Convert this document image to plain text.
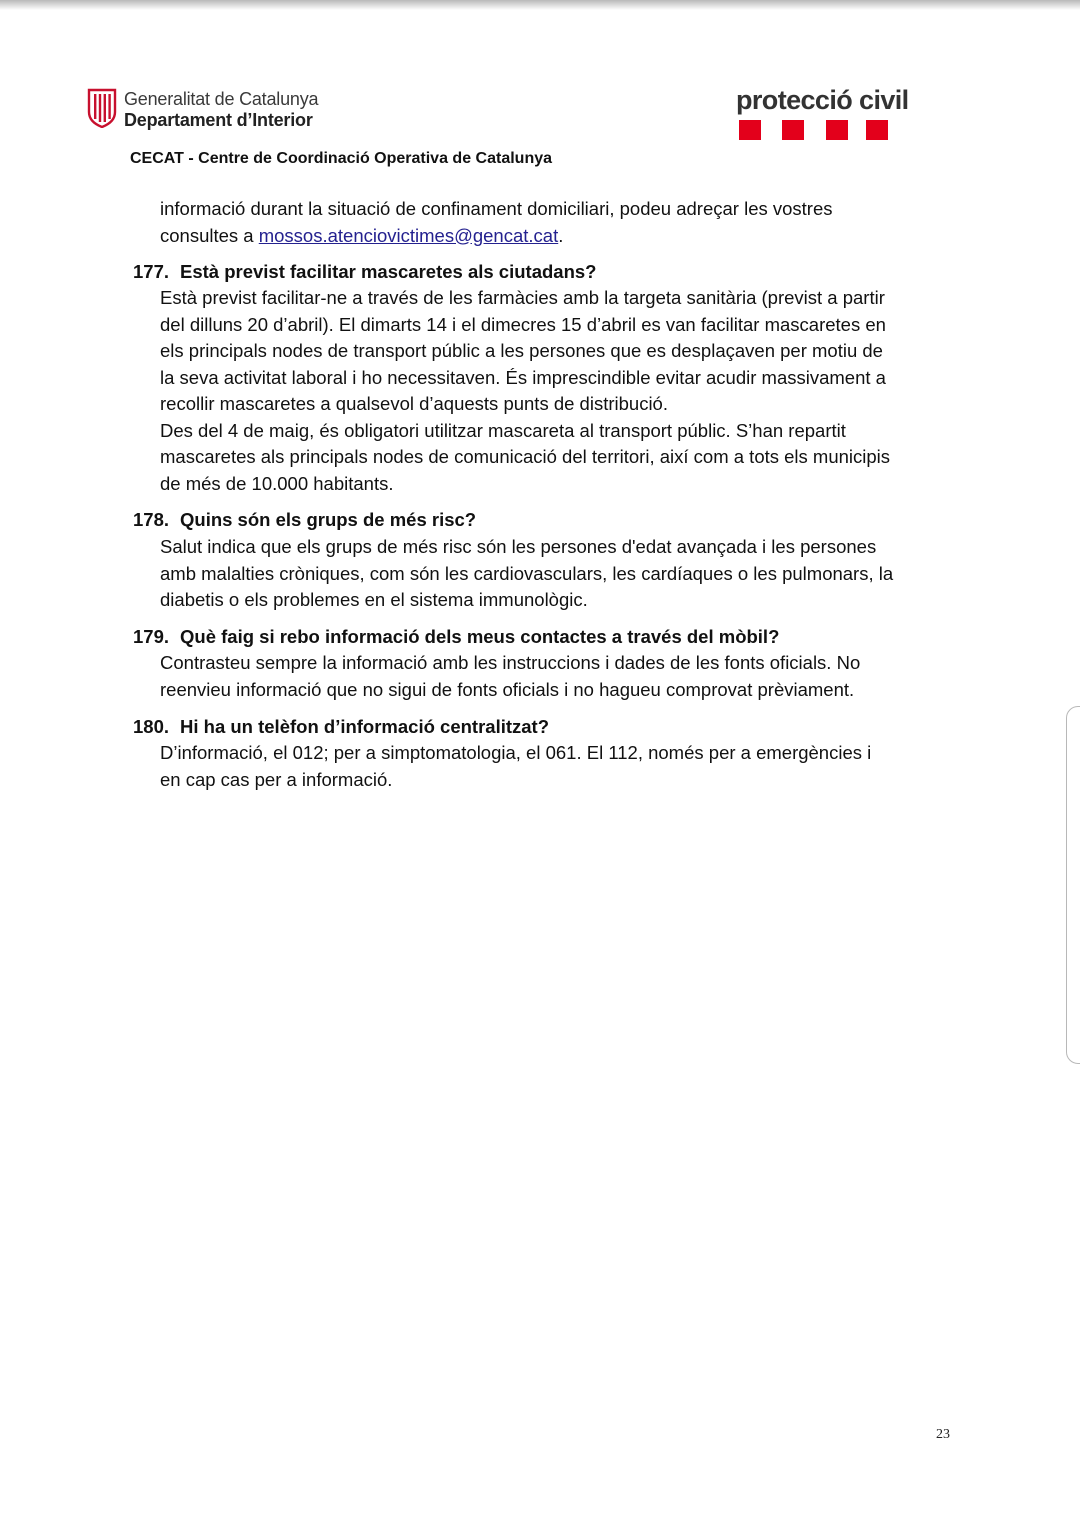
Generalitat de Catalunya
Departament d’Interior
protecció civil
CECAT - Centre de Coordinació Operativa de Catalunya
informació durant la situació de confinament domiciliari, podeu adreçar les vostres
consultes a mossos.atenciovictimes@gencat.cat.
177. Està previst facilitar mascaretes als ciutadans?
Està previst facilitar-ne a través de les farmàcies amb la targeta sanitària (previst a partir
del dilluns 20 d’abril). El dimarts 14 i el dimecres 15 d’abril es van facilitar mascaretes en
els principals nodes de transport públic a les persones que es desplaçaven per motiu de
la seva activitat laboral i ho necessitaven. És imprescindible evitar acudir massivament a
recollir mascaretes a qualsevol d’aquests punts de distribució.
Des del 4 de maig, és obligatori utilitzar mascareta al transport públic. S’han repartit
mascaretes als principals nodes de comunicació del territori, així com a tots els municipis
de més de 10.000 habitants.
178. Quins són els grups de més risc?
Salut indica que els grups de més risc són les persones d'edat avançada i les persones
amb malalties cròniques, com són les cardiovasculars, les cardíaques o les pulmonars, la
diabetis o els problemes en el sistema immunològic.
179. Què faig si rebo informació dels meus contactes a través del mòbil?
Contrasteu sempre la informació amb les instruccions i dades de les fonts oficials. No
reenvieu informació que no sigui de fonts oficials i no hagueu comprovat prèviament.
180. Hi ha un telèfon d’informació centralitzat?
D’informació, el 012; per a simptomatologia, el 061. El 112, només per a emergències i
en cap cas per a informació.
23
